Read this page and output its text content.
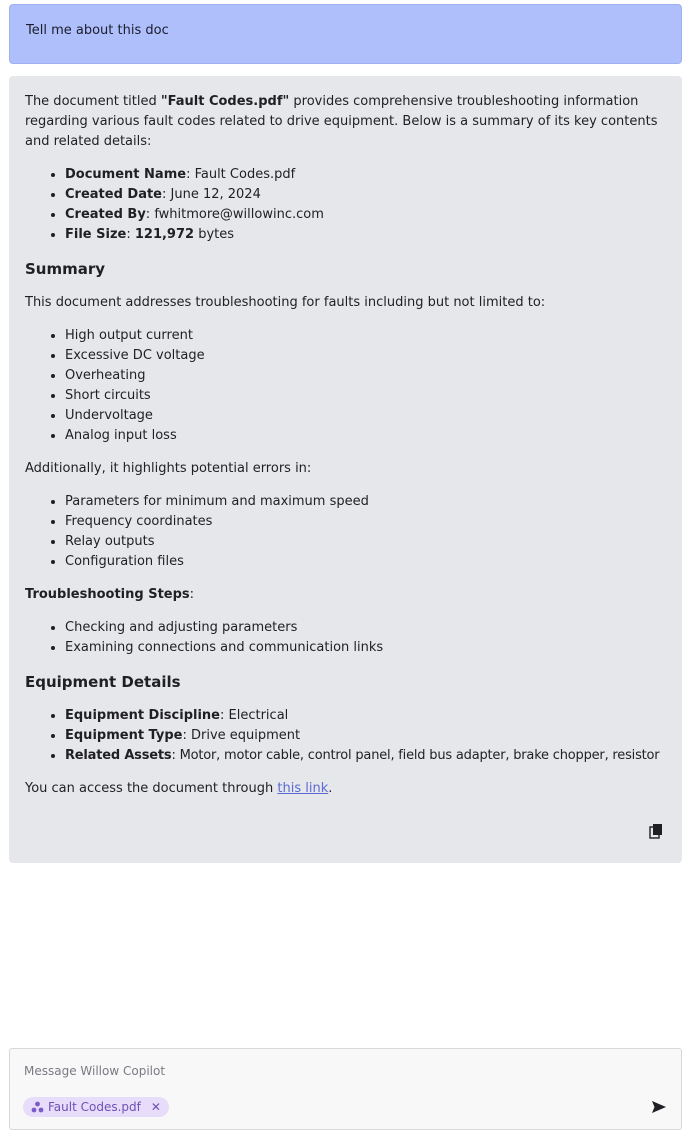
Tell me about this doc

The document titled "Fault Codes.pdf" provides comprehensive troubleshooting information regarding various fault codes related to drive equipment. Below is a summary of its key contents and related details:

• Document Name: Fault Codes.pdf
• Created Date: June 12, 2024
• Created By: fwhitmore@willowinc.com
• File Size: 121,972 bytes
Summary

This document addresses troubleshooting for faults including but not limited to:

• High output current
• Excessive DC voltage
• Overheating
• Short circuits
• Undervoltage
• Analog input loss

Additionally, it highlights potential errors in:

• Parameters for minimum and maximum speed
• Frequency coordinates
• Relay outputs
• Configuration files

Troubleshooting Steps:

• Checking and adjusting parameters
• Examining connections and communication links
Equipment Details
• Equipment Discipline: Electrical
• Equipment Type: Drive equipment
• Related Assets: Motor, motor cable, control panel, field bus adapter, brake chopper, resistor

You can access the document through this link.

Message Willow Copilot
Fault Codes.pdf ✕
